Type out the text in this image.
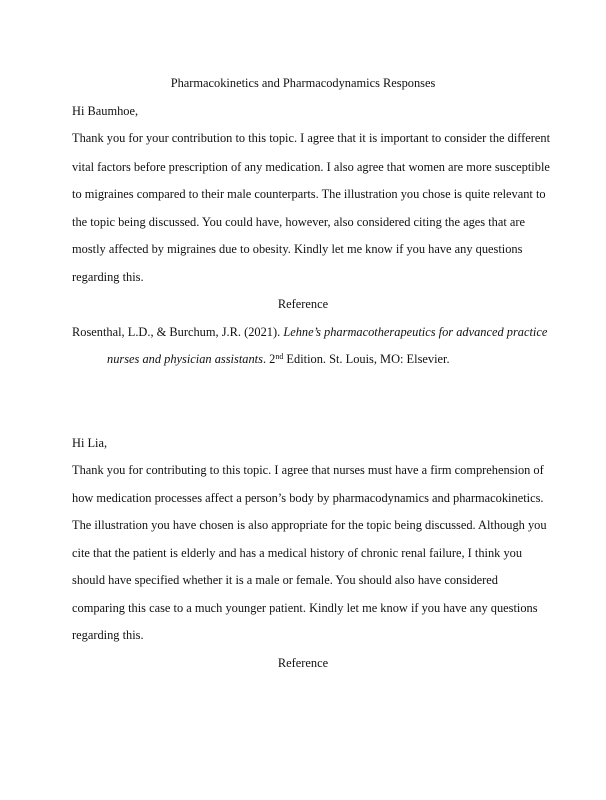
Pharmacokinetics and Pharmacodynamics Responses
Hi Baumhoe,
Thank you for your contribution to this topic. I agree that it is important to consider the different
vital factors before prescription of any medication. I also agree that women are more susceptible
to migraines compared to their male counterparts. The illustration you chose is quite relevant to
the topic being discussed. You could have, however, also considered citing the ages that are
mostly affected by migraines due to obesity. Kindly let me know if you have any questions
regarding this.
Reference
Rosenthal, L.D., & Burchum, J.R. (2021). Lehne’s pharmacotherapeutics for advanced practice
nurses and physician assistants. 2nd Edition. St. Louis, MO: Elsevier.
Hi Lia,
Thank you for contributing to this topic. I agree that nurses must have a firm comprehension of
how medication processes affect a person’s body by pharmacodynamics and pharmacokinetics.
The illustration you have chosen is also appropriate for the topic being discussed. Although you
cite that the patient is elderly and has a medical history of chronic renal failure, I think you
should have specified whether it is a male or female. You should also have considered
comparing this case to a much younger patient. Kindly let me know if you have any questions
regarding this.
Reference
